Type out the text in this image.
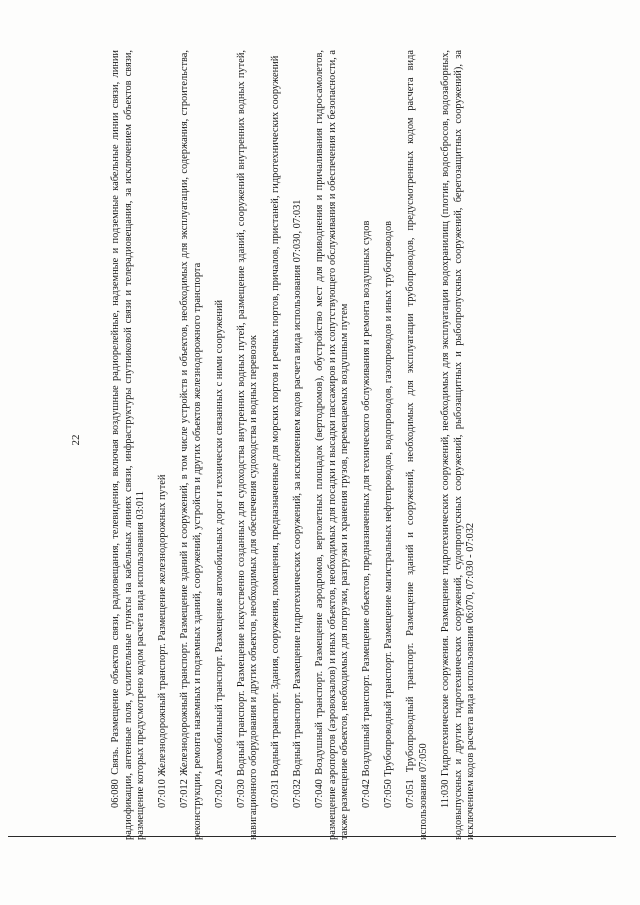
22	06:080 Связь. Размещение объектов связи, радиовещания, телевидения, включая воздушные радиорелейные, надземные и подземные кабельные линии связи, линии радиофикации, антенные поля, усилительные пункты на кабельных линиях связи, инфраструктуры спутниковой связи и телерадиовещания, за исключением объектов связи, размещение которых предусмотрено кодом расчета вида использования 03:011 07:010 Железнодорожный транспорт. Размещение железнодорожных путей 07:012 Железнодорожный транспорт. Размещение зданий и сооружений, в том числе устройств и объектов, необходимых для эксплуатации, содержания, строительства, реконструкции, ремонта наземных и подземных зданий, сооружений, устройств и других объектов железнодорожного транспорта 07:020 Автомобильный транспорт. Размещение автомобильных дорог и технически связанных с ними сооружений 07:030 Водный транспорт. Размещение искусственно созданных для судоходства внутренних водных путей, размещение зданий, сооружений внутренних водных путей, навигационного оборудования и других объектов, необходимых для обеспечения судоходства и водных перевозок 07:031 Водный транспорт. Здания, сооружения, помещения, предназначенные для морских портов и речных портов, причалов, пристаней, гидротехнических сооружений 07:032 Водный транспорт. Размещение гидротехнических сооружений, за исключением кодов расчета вида использования 07:030, 07:031 07:040 Воздушный транспорт. Размещение аэродромов, вертолетных площадок (вертодромов), обустройство мест для приводнения и причаливания гидросамолетов, размещение аэропортов (аэровокзалов) и иных объектов, необходимых для посадки и высадки пассажиров и их сопутствующего обслуживания и обеспечения их безопасности, а также размещение объектов, необходимых для погрузки, разгрузки и хранения грузов, перемещаемых воздушным путем 07:042 Воздушный транспорт. Размещение объектов, предназначенных для технического обслуживания и ремонта воздушных судов 07:050 Трубопроводный транспорт. Размещение магистральных нефтепроводов, водопроводов, газопроводов и иных трубопроводов 07:051 Трубопроводный транспорт. Размещение зданий и сооружений, необходимых для эксплуатации трубопроводов, предусмотренных кодом расчета вида использования 07:050 11:030 Гидротехнические сооружения. Размещение гидротехнических сооружений, необходимых для эксплуатации водохранилищ (плотин, водосбросов, водозаборных, водовыпускных и других гидротехнических сооружений, судопропускных сооружений, рыбозащитных и рыбопропускных сооружений, берегозащитных сооружений), за исключением кодов расчета вида использования 06:070, 07:030 - 07:032
